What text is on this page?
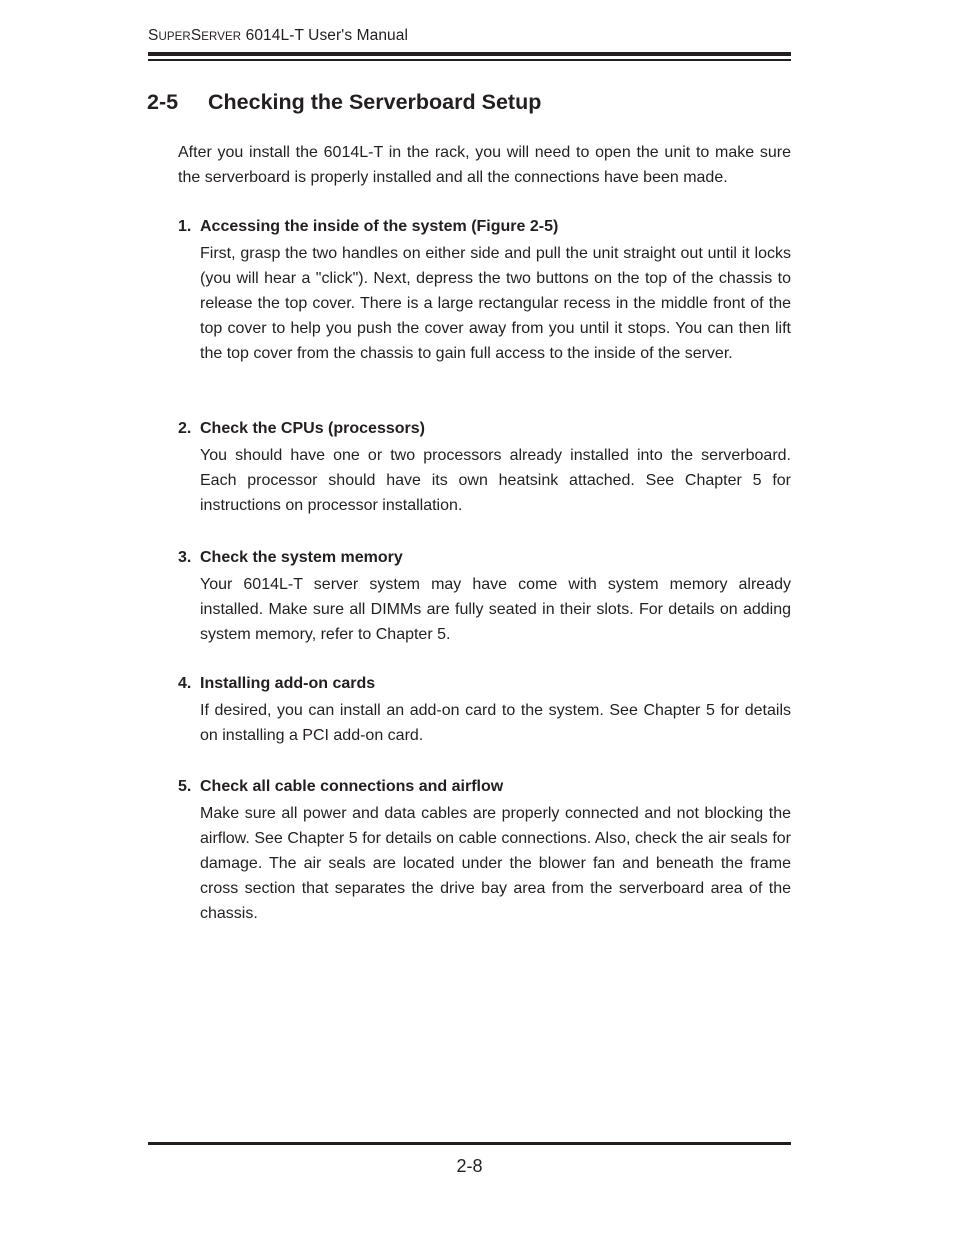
SUPERSERVER 6014L-T User's Manual
2-5 Checking the Serverboard Setup
After you install the 6014L-T in the rack, you will need to open the unit to make sure the serverboard is properly installed and all the connections have been made.
1. Accessing the inside of the system (Figure 2-5)
First, grasp the two handles on either side and pull the unit straight out until it locks (you will hear a "click"). Next, depress the two buttons on the top of the chassis to release the top cover. There is a large rectangular recess in the middle front of the top cover to help you push the cover away from you until it stops. You can then lift the top cover from the chassis to gain full access to the inside of the server.
2. Check the CPUs (processors)
You should have one or two processors already installed into the serverboard. Each processor should have its own heatsink attached. See Chapter 5 for instructions on processor installation.
3. Check the system memory
Your 6014L-T server system may have come with system memory already installed. Make sure all DIMMs are fully seated in their slots. For details on adding system memory, refer to Chapter 5.
4. Installing add-on cards
If desired, you can install an add-on card to the system. See Chapter 5 for details on installing a PCI add-on card.
5. Check all cable connections and airflow
Make sure all power and data cables are properly connected and not blocking the airflow. See Chapter 5 for details on cable connections. Also, check the air seals for damage. The air seals are located under the blower fan and beneath the frame cross section that separates the drive bay area from the serverboard area of the chassis.
2-8
